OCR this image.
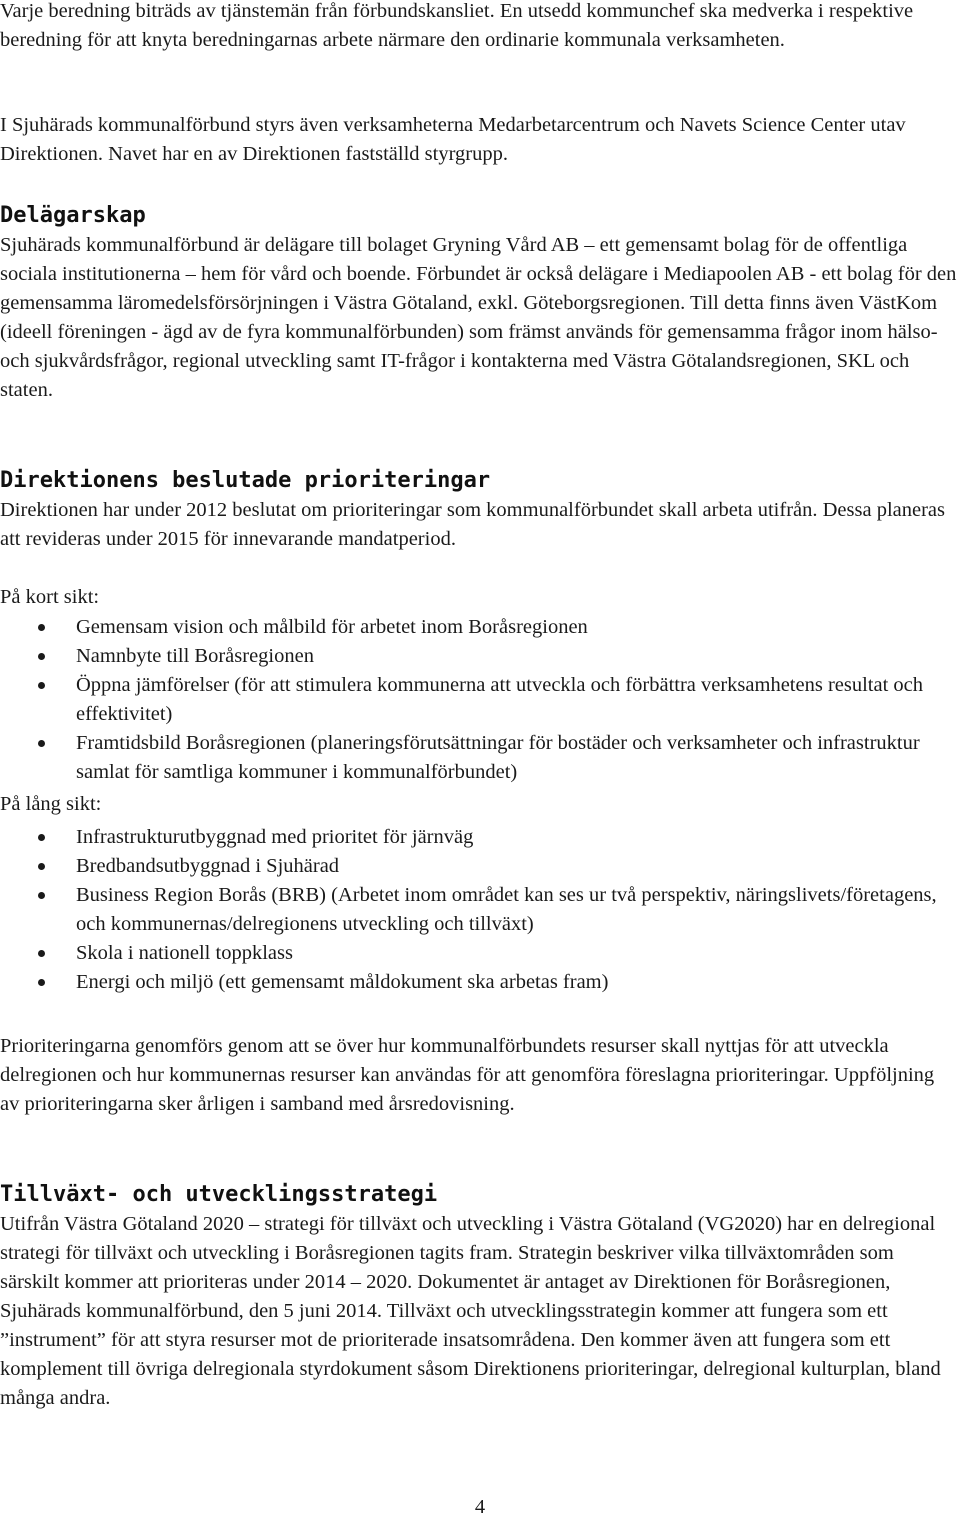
Varje beredning biträds av tjänstemän från förbundskansliet. En utsedd kommunchef ska medverka i respektive beredning för att knyta beredningarnas arbete närmare den ordinarie kommunala verksamheten.

I Sjuhärads kommunalförbund styrs även verksamheterna Medarbetarcentrum och Navets Science Center utav Direktionen. Navet har en av Direktionen fastställd styrgrupp.

Delägarskap

Sjuhärads kommunalförbund är delägare till bolaget Gryning Vård AB – ett gemensamt bolag för de offentliga sociala institutionerna – hem för vård och boende. Förbundet är också delägare i Mediapoolen AB - ett bolag för den gemensamma läromedelsförsörjningen i Västra Götaland, exkl. Göteborgsregionen. Till detta finns även VästKom (ideell föreningen - ägd av de fyra kommunalförbunden) som främst används för gemensamma frågor inom hälso- och sjukvårdsfrågor, regional utveckling samt IT-frågor i kontakterna med Västra Götalandsregionen, SKL och staten.

Direktionens beslutade prioriteringar

Direktionen har under 2012 beslutat om prioriteringar som kommunalförbundet skall arbeta utifrån. Dessa planeras att revideras under 2015 för innevarande mandatperiod.

På kort sikt:

Gemensam vision och målbild för arbetet inom Boråsregionen
Namnbyte till Boråsregionen
Öppna jämförelser (för att stimulera kommunerna att utveckla och förbättra verksamhetens resultat och effektivitet)
Framtidsbild Boråsregionen (planeringsförutsättningar för bostäder och verksamheter och infrastruktur samlat för samtliga kommuner i kommunalförbundet)

På lång sikt:

Infrastrukturutbyggnad med prioritet för järnväg
Bredbandsutbyggnad i Sjuhärad
Business Region Borås (BRB) (Arbetet inom området kan ses ur två perspektiv, näringslivets/företagens, och kommunernas/delregionens utveckling och tillväxt)
Skola i nationell toppklass
Energi och miljö (ett gemensamt måldokument ska arbetas fram)

Prioriteringarna genomförs genom att se över hur kommunalförbundets resurser skall nyttjas för att utveckla delregionen och hur kommunernas resurser kan användas för att genomföra föreslagna prioriteringar. Uppföljning av prioriteringarna sker årligen i samband med årsredovisning.

Tillväxt- och utvecklingsstrategi

Utifrån Västra Götaland 2020 – strategi för tillväxt och utveckling i Västra Götaland (VG2020) har en delregional strategi för tillväxt och utveckling i Boråsregionen tagits fram. Strategin beskriver vilka tillväxtområden som särskilt kommer att prioriteras under 2014 – 2020. Dokumentet är antaget av Direktionen för Boråsregionen, Sjuhärads kommunalförbund, den 5 juni 2014. Tillväxt och utvecklingsstrategin kommer att fungera som ett ”instrument” för att styra resurser mot de prioriterade insatsområdena. Den kommer även att fungera som ett komplement till övriga delregionala styrdokument såsom Direktionens prioriteringar, delregional kulturplan, bland många andra.

4
